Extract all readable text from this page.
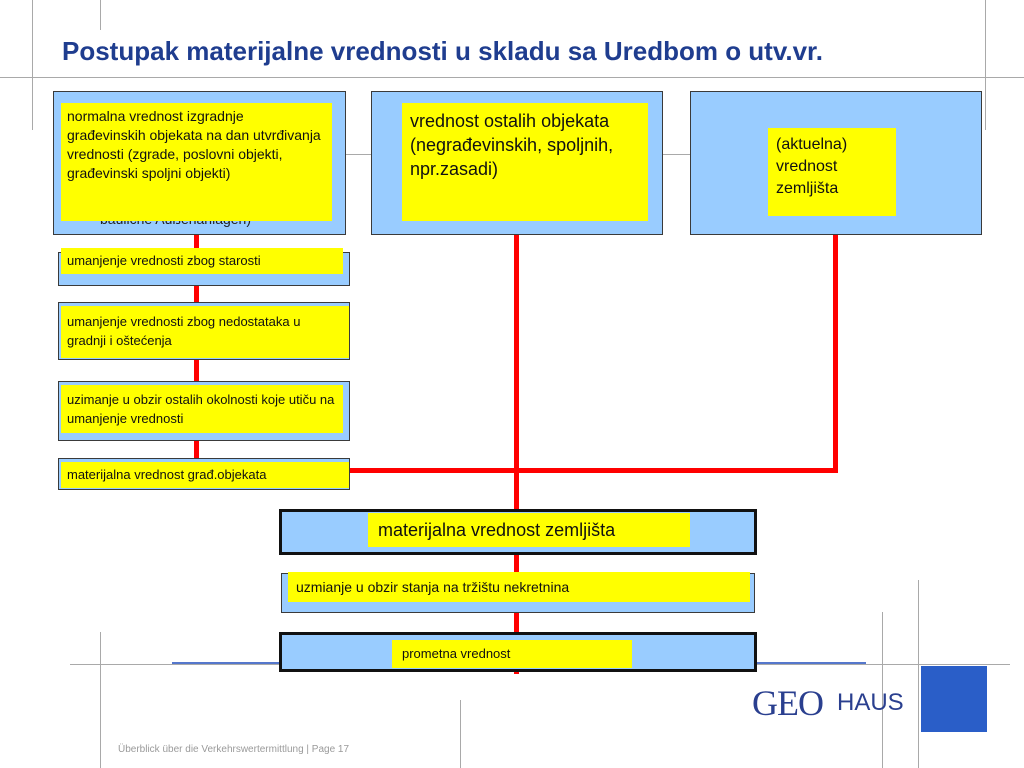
Postupak materijalne vrednosti u skladu sa Uredbom o utv.vr.
normalna vrednost izgradnje građevinskih objekata na dan utvrđivanja vrednosti (zgrade, poslovni objekti, građevinski spoljni objekti)
vrednost ostalih objekata (negrađevinskih, spoljnih, npr.zasadi)
(aktuelna) vrednost zemljišta
umanjenje vrednosti zbog starosti
umanjenje vrednosti zbog nedostataka u gradnji i oštećenja
uzimanje u obzir ostalih okolnosti koje utiču na umanjenje vrednosti
materijalna vrednost građ.objekata
materijalna vrednost zemljišta
uzmianje u obzir stanja na tržištu nekretnina
prometna vrednost
GEO HAUS
Überblick über die Verkehrswertermittlung | Page 17
